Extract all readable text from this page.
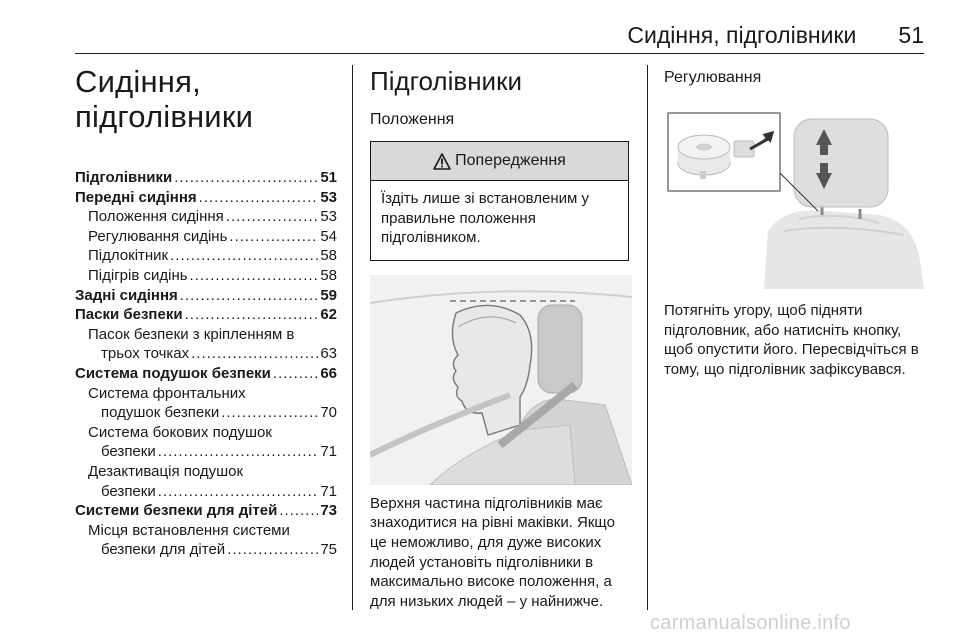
Сидіння, підголівники 51
Сидіння,
підголівники
Підголівники .....	51
Передні сидіння .....	53
Положення сидіння .....	53
Регулювання сидінь .....	54
Підлокітник .....	58
Підігрів сидінь .....	58
Задні сидіння .....	59
Паски безпеки .....	62
Пасок безпеки з кріпленням в
трьох точках .....	63
Система подушок безпеки .....	66
Система фронтальних
подушок безпеки .....	70
Система бокових подушок
безпеки .....	71
Дезактивація подушок
безпеки .....	71
Системи безпеки для дітей .....	73
Місця встановлення системи
безпеки для дітей .....	75
Підголівники
Положення
Попередження
Їздіть лише зі встановленим у правильне положення підголівником.
Верхня частина підголівників має знаходитися на рівні маківки. Якщо це неможливо, для дуже високих людей установіть підголівники в максимально високе положення, а для низьких людей – у найнижче.
Регулювання
Потягніть угору, щоб підняти підголовник, або натисніть кнопку, щоб опустити його. Пересвідчіться в тому, що підголівник зафіксувався.
carmanualsonline.info
